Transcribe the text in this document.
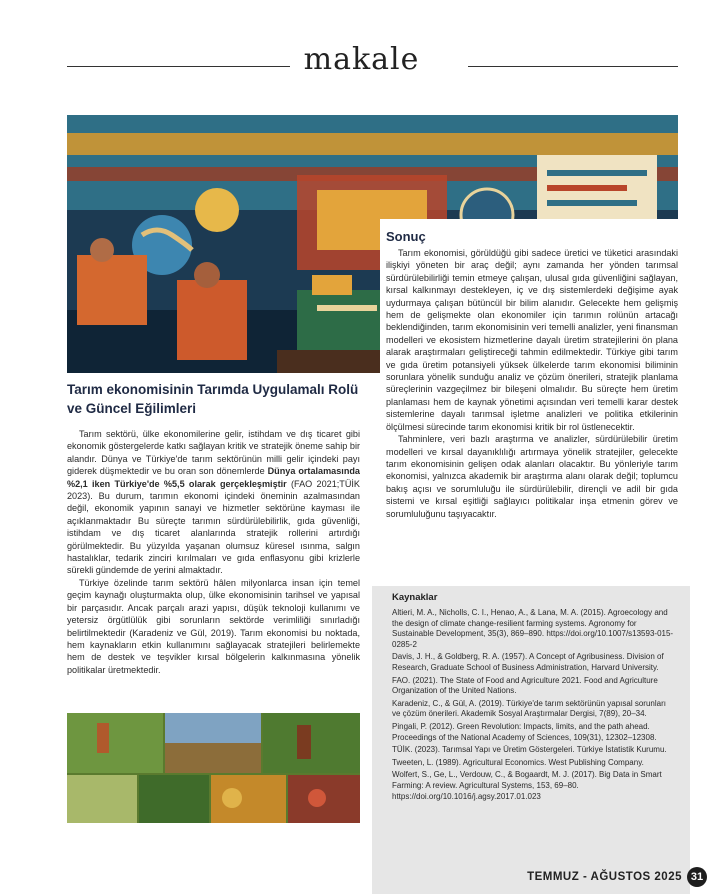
makale
Tarım ekonomisinin Tarımda Uygulamalı Rolü ve Güncel Eğilimleri

Tarım sektörü, ülke ekonomilerine gelir, istihdam ve dış ticaret gibi ekonomik göstergelerde katkı sağlayan kritik ve stratejik öneme sahip bir alandır. Dünya ve Türkiye'de tarım sektörünün milli gelir içindeki payı giderek düşmektedir ve bu oran son dönemlerde Dünya ortalamasında %2,1 iken Türkiye'de %5,5 olarak gerçekleşmiştir (FAO 2021;TÜİK 2023). Bu durum, tarımın ekonomi içindeki öneminin azalmasından değil, ekonomik yapının sanayi ve hizmetler sektörüne kayması ile açıklanmaktadır Bu süreçte tarımın sürdürülebilirlik, gıda güvenliği, istihdam ve dış ticaret alanlarında stratejik rollerini artırdığı görülmektedir. Bu yüzyılda yaşanan olumsuz küresel ısınma, salgın hastalıklar, tedarik zinciri kırılmaları ve gıda enflasyonu gibi krizlerle sürekli gündemde de yerini almaktadır.

Türkiye özelinde tarım sektörü hâlen milyonlarca insan için temel geçim kaynağı oluşturmakta olup, ülke ekonomisinin tarihsel ve yapısal bir parçasıdır. Ancak parçalı arazi yapısı, düşük teknoloji kullanımı ve yetersiz örgütlülük gibi sorunların sektörde verimliliği sınırladığı belirtilmektedir (Karadeniz ve Gül, 2019). Tarım ekonomisi bu noktada, hem kaynakların etkin kullanımını sağlayacak stratejileri belirlemekte hem de destek ve teşvikler kırsal bölgelerin kalkınmasına yönelik politikalar üretmektedir.

Sonuç

Tarım ekonomisi, görüldüğü gibi sadece üretici ve tüketici arasındaki ilişkiyi yöneten bir araç değil; aynı zamanda her yönden tarımsal sürdürülebilirliği temin etmeye çalışan, ulusal gıda güvenliğini sağlayan, kırsal kalkınmayı destekleyen, iç ve dış sistemlerdeki değişime ayak uydurmaya çalışan bütüncül bir bilim alanıdır. Gelecekte hem gelişmiş hem de gelişmekte olan ekonomiler için tarımın rolünün artacağı beklendiğinden, tarım ekonomisinin veri temelli analizler, yeni finansman modelleri ve ekosistem hizmetlerine dayalı üretim stratejilerini ön plana alarak araştırmaları geliştireceği tahmin edilmektedir. Türkiye gibi tarım ve gıda üretim potansiyeli yüksek ülkelerde tarım ekonomisi biliminin sorunlara yönelik sunduğu analiz ve çözüm önerileri, stratejik planlama süreçlerinin vazgeçilmez bir bileşeni olmalıdır. Bu süreçte hem üretim planlaması hem de kaynak yönetimi açısından veri temelli karar destek sistemlerine dayalı tarımsal işletme analizleri ve politika etkilerinin ölçülmesi sürecinde tarım ekonomisi kritik bir rol üstlenecektir.

Tahminlere, veri bazlı araştırma ve analizler, sürdürülebilir üretim modelleri ve kırsal dayanıklılığı artırmaya yönelik stratejiler, gelecekte tarım ekonomisinin gelişen odak alanları olacaktır. Bu yönleriyle tarım ekonomisi, yalnızca akademik bir araştırma alanı olarak değil; toplumcu bakış açısı ve sorumluluğu ile sürdürülebilir, dirençli ve adil bir gıda sistemi ve kırsal eşitliği sağlayıcı politikalar inşa etmenin görev ve sorumluluğunu taşıyacaktır.

Kaynaklar

Altieri, M. A., Nicholls, C. I., Henao, A., & Lana, M. A. (2015). Agroecology and the design of climate change-resilient farming systems. Agronomy for Sustainable Development, 35(3), 869–890. https://doi.org/10.1007/s13593-015-0285-2

Davis, J. H., & Goldberg, R. A. (1957). A Concept of Agribusiness. Division of Research, Graduate School of Business Administration, Harvard University.

FAO. (2021). The State of Food and Agriculture 2021. Food and Agriculture Organization of the United Nations.

Karadeniz, C., & Gül, A. (2019). Türkiye'de tarım sektörünün yapısal sorunları ve çözüm önerileri. Akademik Sosyal Araştırmalar Dergisi, 7(89), 20–34.

Pingali, P. (2012). Green Revolution: Impacts, limits, and the path ahead. Proceedings of the National Academy of Sciences, 109(31), 12302–12308.

TÜİK. (2023). Tarımsal Yapı ve Üretim Göstergeleri. Türkiye İstatistik Kurumu.

Tweeten, L. (1989). Agricultural Economics. West Publishing Company.

Wolfert, S., Ge, L., Verdouw, C., & Bogaardt, M. J. (2017). Big Data in Smart Farming: A review. Agricultural Systems, 153, 69–80. https://doi.org/10.1016/j.agsy.2017.01.023

TEMMUZ - AĞUSTOS 2025 31
